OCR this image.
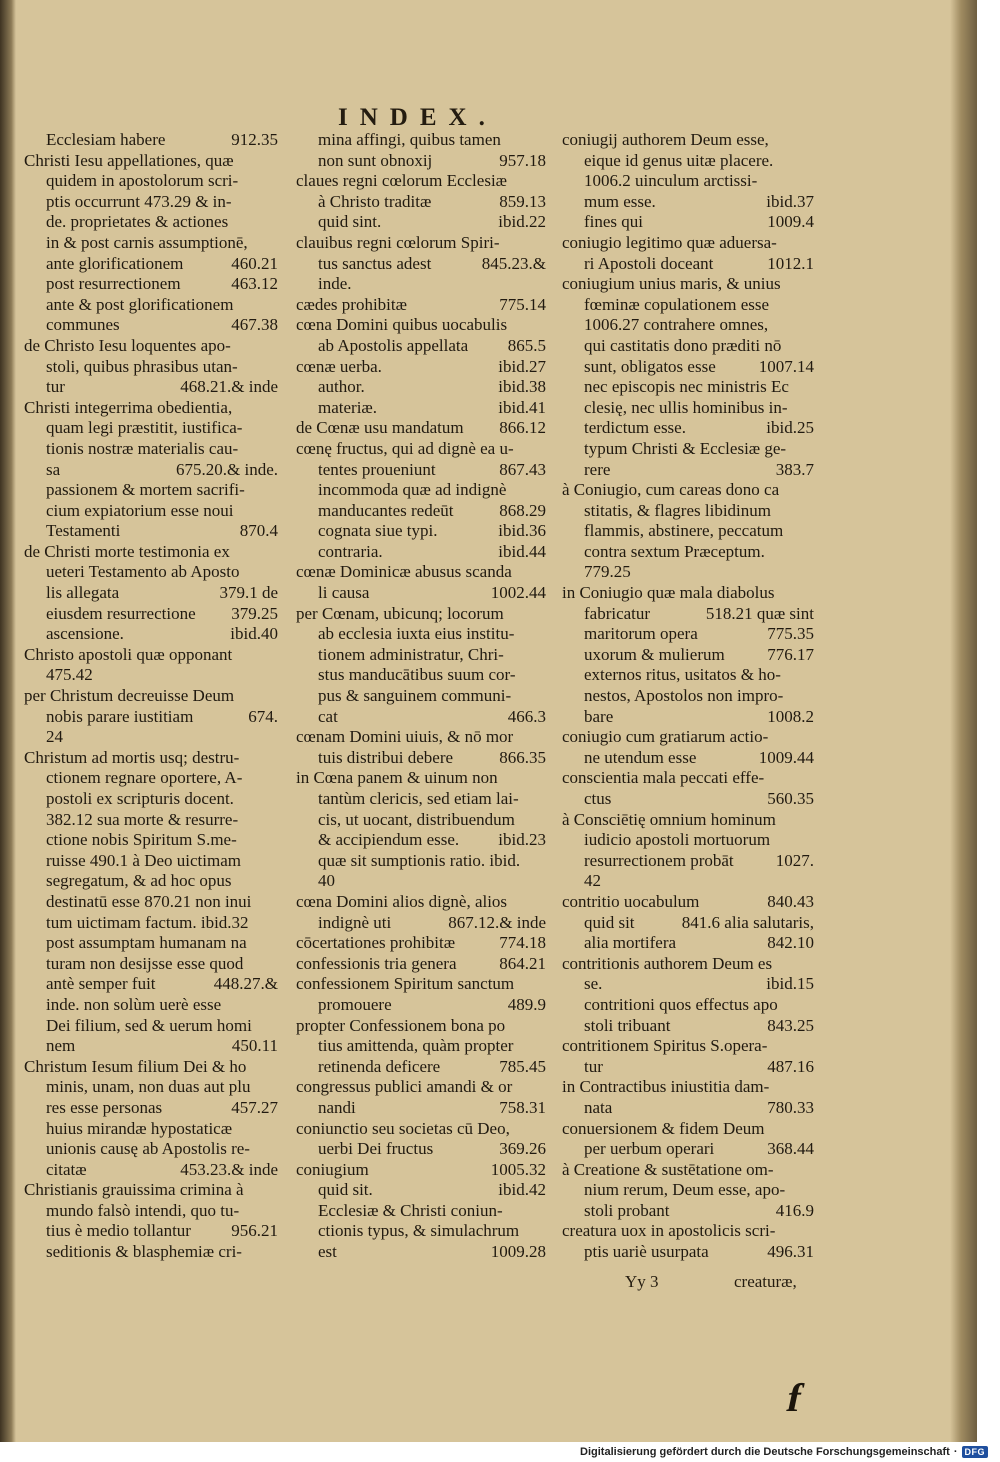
INDEX.
Ecclesiam habere	912.35
Christi Iesu appellationes, quæ
quidem in apostolorum scri-
ptis occurrunt 473.29 & in-
de. proprietates & actiones
in & post carnis assumptionē,
ante glorificationem	460.21
post resurrectionem	463.12
ante & post glorificationem
communes	467.38
de Christo Iesu loquentes apo-
stoli, quibus phrasibus utan-
tur	468.21.& inde
Christi integerrima obedientia,
quam legi præstitit, iustifica-
tionis nostræ materialis cau-
sa	675.20.& inde.
passionem & mortem sacrifi-
cium expiatorium esse noui
Testamenti	870.4
de Christi morte testimonia ex
ueteri Testamento ab Aposto
lis allegata	379.1 de
eiusdem resurrectione	379.25
ascensione.	ibid.40
Christo apostoli quæ opponant
475.42
per Christum decreuisse Deum
nobis parare iustitiam	674.
24
Christum ad mortis usq; destru-
ctionem regnare oportere, A-
postoli ex scripturis docent.
382.12 sua morte & resurre-
ctione nobis Spiritum S.me-
ruisse 490.1 à Deo uictimam
segregatum, & ad hoc opus
destinatū esse 870.21 non inui
tum uictimam factum. ibid.32
post assumptam humanam na
turam non desijsse esse quod
antè semper fuit	448.27.&
inde. non solùm uerè esse
Dei filium, sed & uerum homi
nem	450.11
Christum Iesum filium Dei & ho
minis, unam, non duas aut plu
res esse personas	457.27
huius mirandæ hypostaticæ
unionis causę ab Apostolis re-
citatæ	453.23.& inde
Christianis grauissima crimina à
mundo falsò intendi, quo tu-
tius è medio tollantur	956.21
seditionis & blasphemiæ cri-
mina affingi, quibus tamen
non sunt obnoxij	957.18
claues regni cœlorum Ecclesiæ
à Christo traditæ	859.13
quid sint.	ibid.22
clauibus regni cœlorum Spiri-
tus sanctus adest	845.23.&
inde.
cædes prohibitæ	775.14
cœna Domini quibus uocabulis
ab Apostolis appellata	865.5
cœnæ uerba.	ibid.27
author.	ibid.38
materiæ.	ibid.41
de Cœnæ usu mandatum	866.12
cœnę fructus, qui ad dignè ea u-
tentes proueniunt	867.43
incommoda quæ ad indignè
manducantes redeūt	868.29
cognata siue typi.	ibid.36
contraria.	ibid.44
cœnæ Dominicæ abusus scanda
li causa	1002.44
per Cœnam, ubicunq; locorum
ab ecclesia iuxta eius institu-
tionem administratur, Chri-
stus manducātibus suum cor-
pus & sanguinem communi-
cat	466.3
cœnam Domini uiuis, & nō mor
tuis distribui debere	866.35
in Cœna panem & uinum non
tantùm clericis, sed etiam lai-
cis, ut uocant, distribuendum
& accipiendum esse.	ibid.23
quæ sit sumptionis ratio. ibid.
40
cœna Domini alios dignè, alios
indignè uti	867.12.& inde
cōcertationes prohibitæ	774.18
confessionis tria genera	864.21
confessionem Spiritum sanctum
promouere	489.9
propter Confessionem bona po
tius amittenda, quàm propter
retinenda deficere	785.45
congressus publici amandi & or
nandi	758.31
coniunctio seu societas cū Deo,
uerbi Dei fructus	369.26
coniugium	1005.32
quid sit.	ibid.42
Ecclesiæ & Christi coniun-
ctionis typus, & simulachrum
est	1009.28
coniugij authorem Deum esse,
eique id genus uitæ placere.
1006.2 uinculum arctissi-
mum esse.	ibid.37
fines qui	1009.4
coniugio legitimo quæ aduersa-
ri Apostoli doceant	1012.1
coniugium unius maris, & unius
fœminæ copulationem esse
1006.27 contrahere omnes,
qui castitatis dono præditi nō
sunt, obligatos esse	1007.14
nec episcopis nec ministris Ec
clesię, nec ullis hominibus in-
terdictum esse.	ibid.25
typum Christi & Ecclesiæ ge-
rere	383.7
à Coniugio, cum careas dono ca
stitatis, & flagres libidinum
flammis, abstinere, peccatum
contra sextum Præceptum.
779.25
in Coniugio quæ mala diabolus
fabricatur	518.21 quæ sint
maritorum opera	775.35
uxorum & mulierum	776.17
externos ritus, usitatos & ho-
nestos, Apostolos non impro-
bare	1008.2
coniugio cum gratiarum actio-
ne utendum esse	1009.44
conscientia mala peccati effe-
ctus	560.35
à Consciētię omnium hominum
iudicio apostoli mortuorum
resurrectionem probāt	1027.
42
contritio uocabulum	840.43
quid sit	841.6 alia salutaris,
alia mortifera	842.10
contritionis authorem Deum es
se.	ibid.15
contritioni quos effectus apo
stoli tribuant	843.25
contritionem Spiritus S.opera-
tur	487.16
in Contractibus iniustitia dam-
nata	780.33
conuersionem & fidem Deum
per uerbum operari	368.44
à Creatione & sustētatione om-
nium rerum, Deum esse, apo-
stoli probant	416.9
creatura uox in apostolicis scri-
ptis uariè usurpata	496.31
Yy 3	creaturæ,
f
Digitalisierung gefördert durch die Deutsche Forschungsgemeinschaft · DFG
